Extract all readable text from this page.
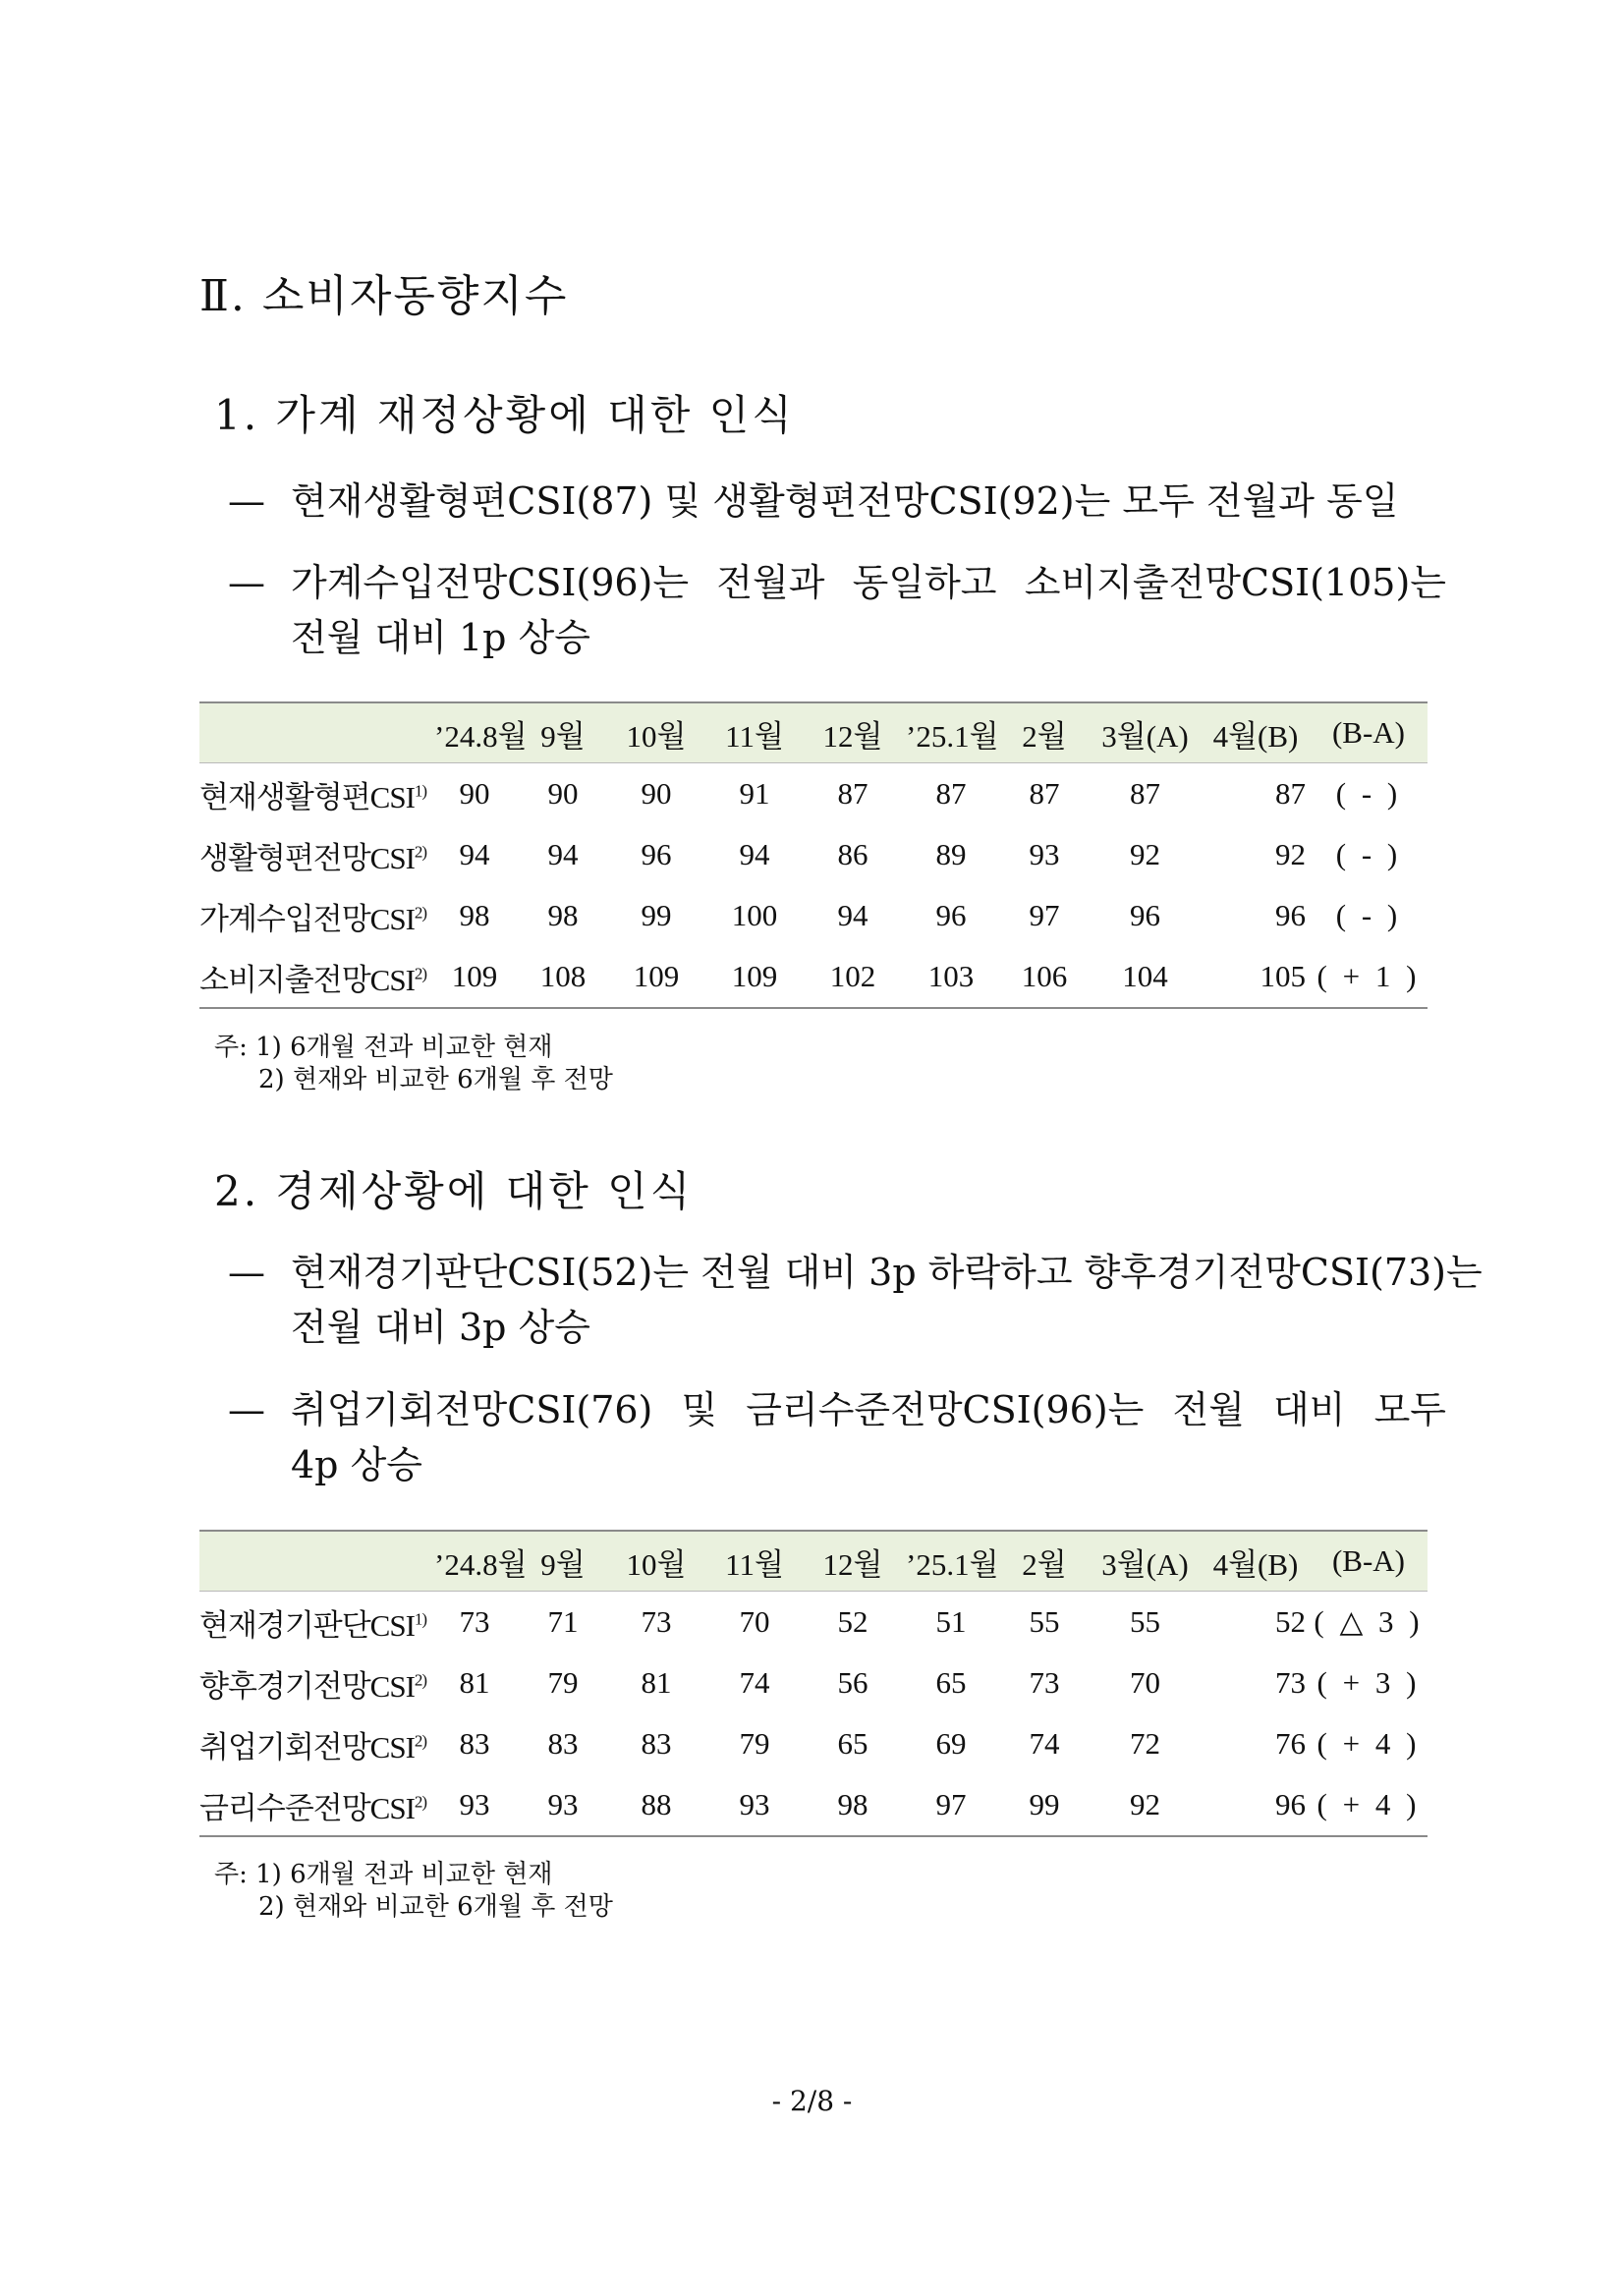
Ⅱ. 소비자동향지수
1. 가계 재정상황에 대한 인식
— 현재생활형편CSI(87) 및 생활형편전망CSI(92)는 모두 전월과 동일
— 가계수입전망CSI(96)는 전월과 동일하고 소비지출전망CSI(105)는
전월 대비 1p 상승
	’24.8월	9월	10월	11월	12월	’25.1월	2월	3월(A)	4월(B)	(B-A)
현재생활형편CSI$^{1)}$	90	90	90	91	87	87	87	87	87	( - )
생활형편전망CSI$^{2)}$	94	94	96	94	86	89	93	92	92	( - )
가계수입전망CSI$^{2)}$	98	98	99	100	94	96	97	96	96	( - )
소비지출전망CSI$^{2)}$	109	108	109	109	102	103	106	104	105	( + 1 )
주: 1) 6개월 전과 비교한 현재
2) 현재와 비교한 6개월 후 전망
2. 경제상황에 대한 인식
— 현재경기판단CSI(52)는 전월 대비 3p 하락하고 향후경기전망CSI(73)는
전월 대비 3p 상승
— 취업기회전망CSI(76) 및 금리수준전망CSI(96)는 전월 대비 모두
4p 상승
	’24.8월	9월	10월	11월	12월	’25.1월	2월	3월(A)	4월(B)	(B-A)
현재경기판단CSI$^{1)}$	73	71	73	70	52	51	55	55	52	( △ 3 )
향후경기전망CSI$^{2)}$	81	79	81	74	56	65	73	70	73	( + 3 )
취업기회전망CSI$^{2)}$	83	83	83	79	65	69	74	72	76	( + 4 )
금리수준전망CSI$^{2)}$	93	93	88	93	98	97	99	92	96	( + 4 )
주: 1) 6개월 전과 비교한 현재
2) 현재와 비교한 6개월 후 전망
- 2/8 -
